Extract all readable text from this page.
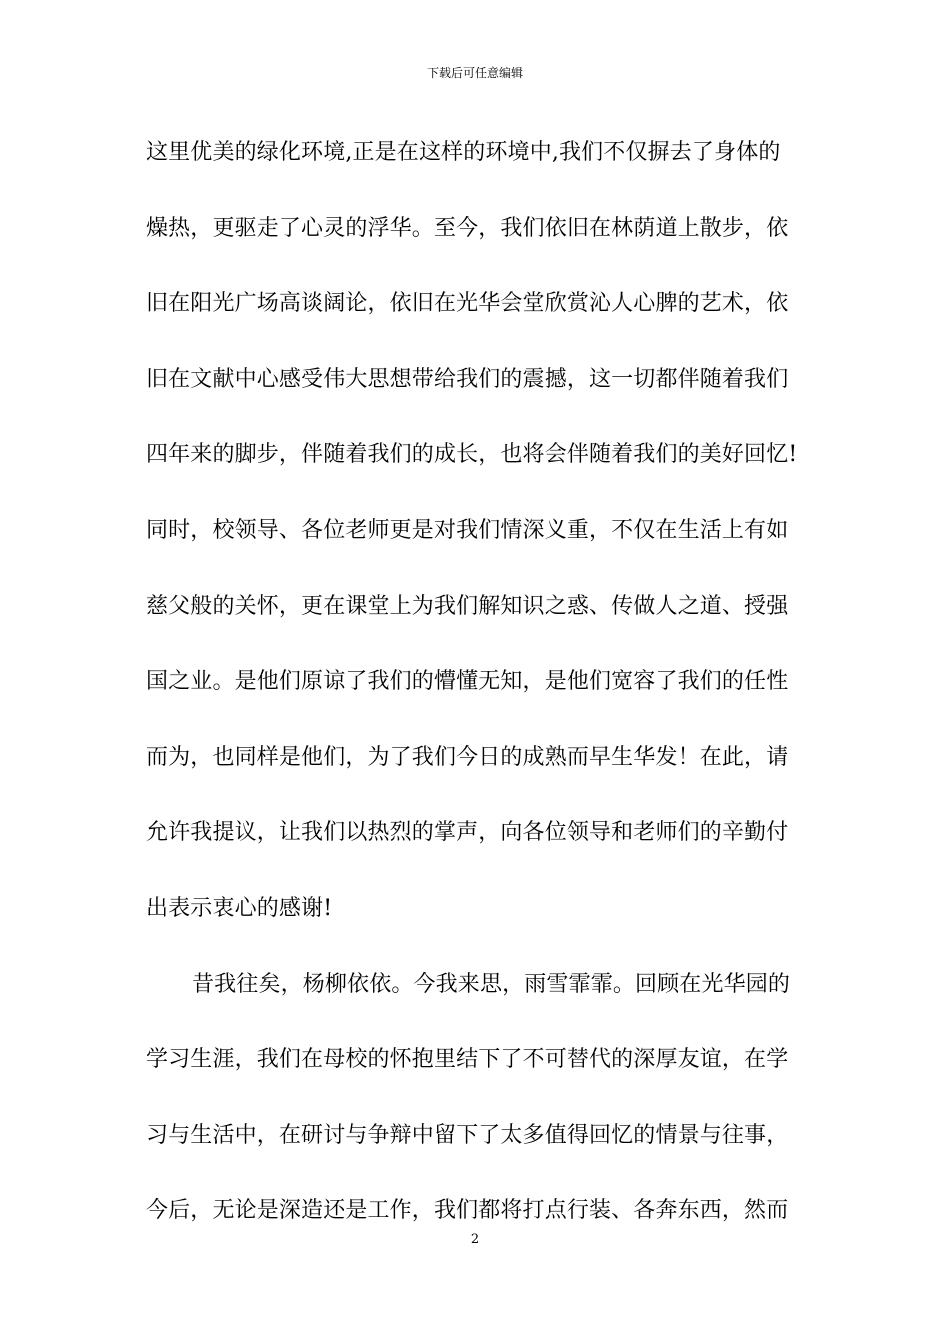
下载后可任意编辑
这里优美的绿化环境,正是在这样的环境中,我们不仅摒去了身体的
燥热，更驱走了心灵的浮华。至今，我们依旧在林荫道上散步，依
旧在阳光广场高谈阔论，依旧在光华会堂欣赏沁人心脾的艺术，依
旧在文献中心感受伟大思想带给我们的震撼，这一切都伴随着我们
四年来的脚步，伴随着我们的成长，也将会伴随着我们的美好回忆!
同时，校领导、各位老师更是对我们情深义重，不仅在生活上有如
慈父般的关怀，更在课堂上为我们解知识之惑、传做人之道、授强
国之业。是他们原谅了我们的懵懂无知，是他们宽容了我们的任性
而为，也同样是他们，为了我们今日的成熟而早生华发！在此，请
允许我提议，让我们以热烈的掌声，向各位领导和老师们的辛勤付
出表示衷心的感谢!
昔我往矣，杨柳依依。今我来思，雨雪霏霏。回顾在光华园的
学习生涯，我们在母校的怀抱里结下了不可替代的深厚友谊，在学
习与生活中，在研讨与争辩中留下了太多值得回忆的情景与往事，
今后，无论是深造还是工作，我们都将打点行装、各奔东西，然而
2
